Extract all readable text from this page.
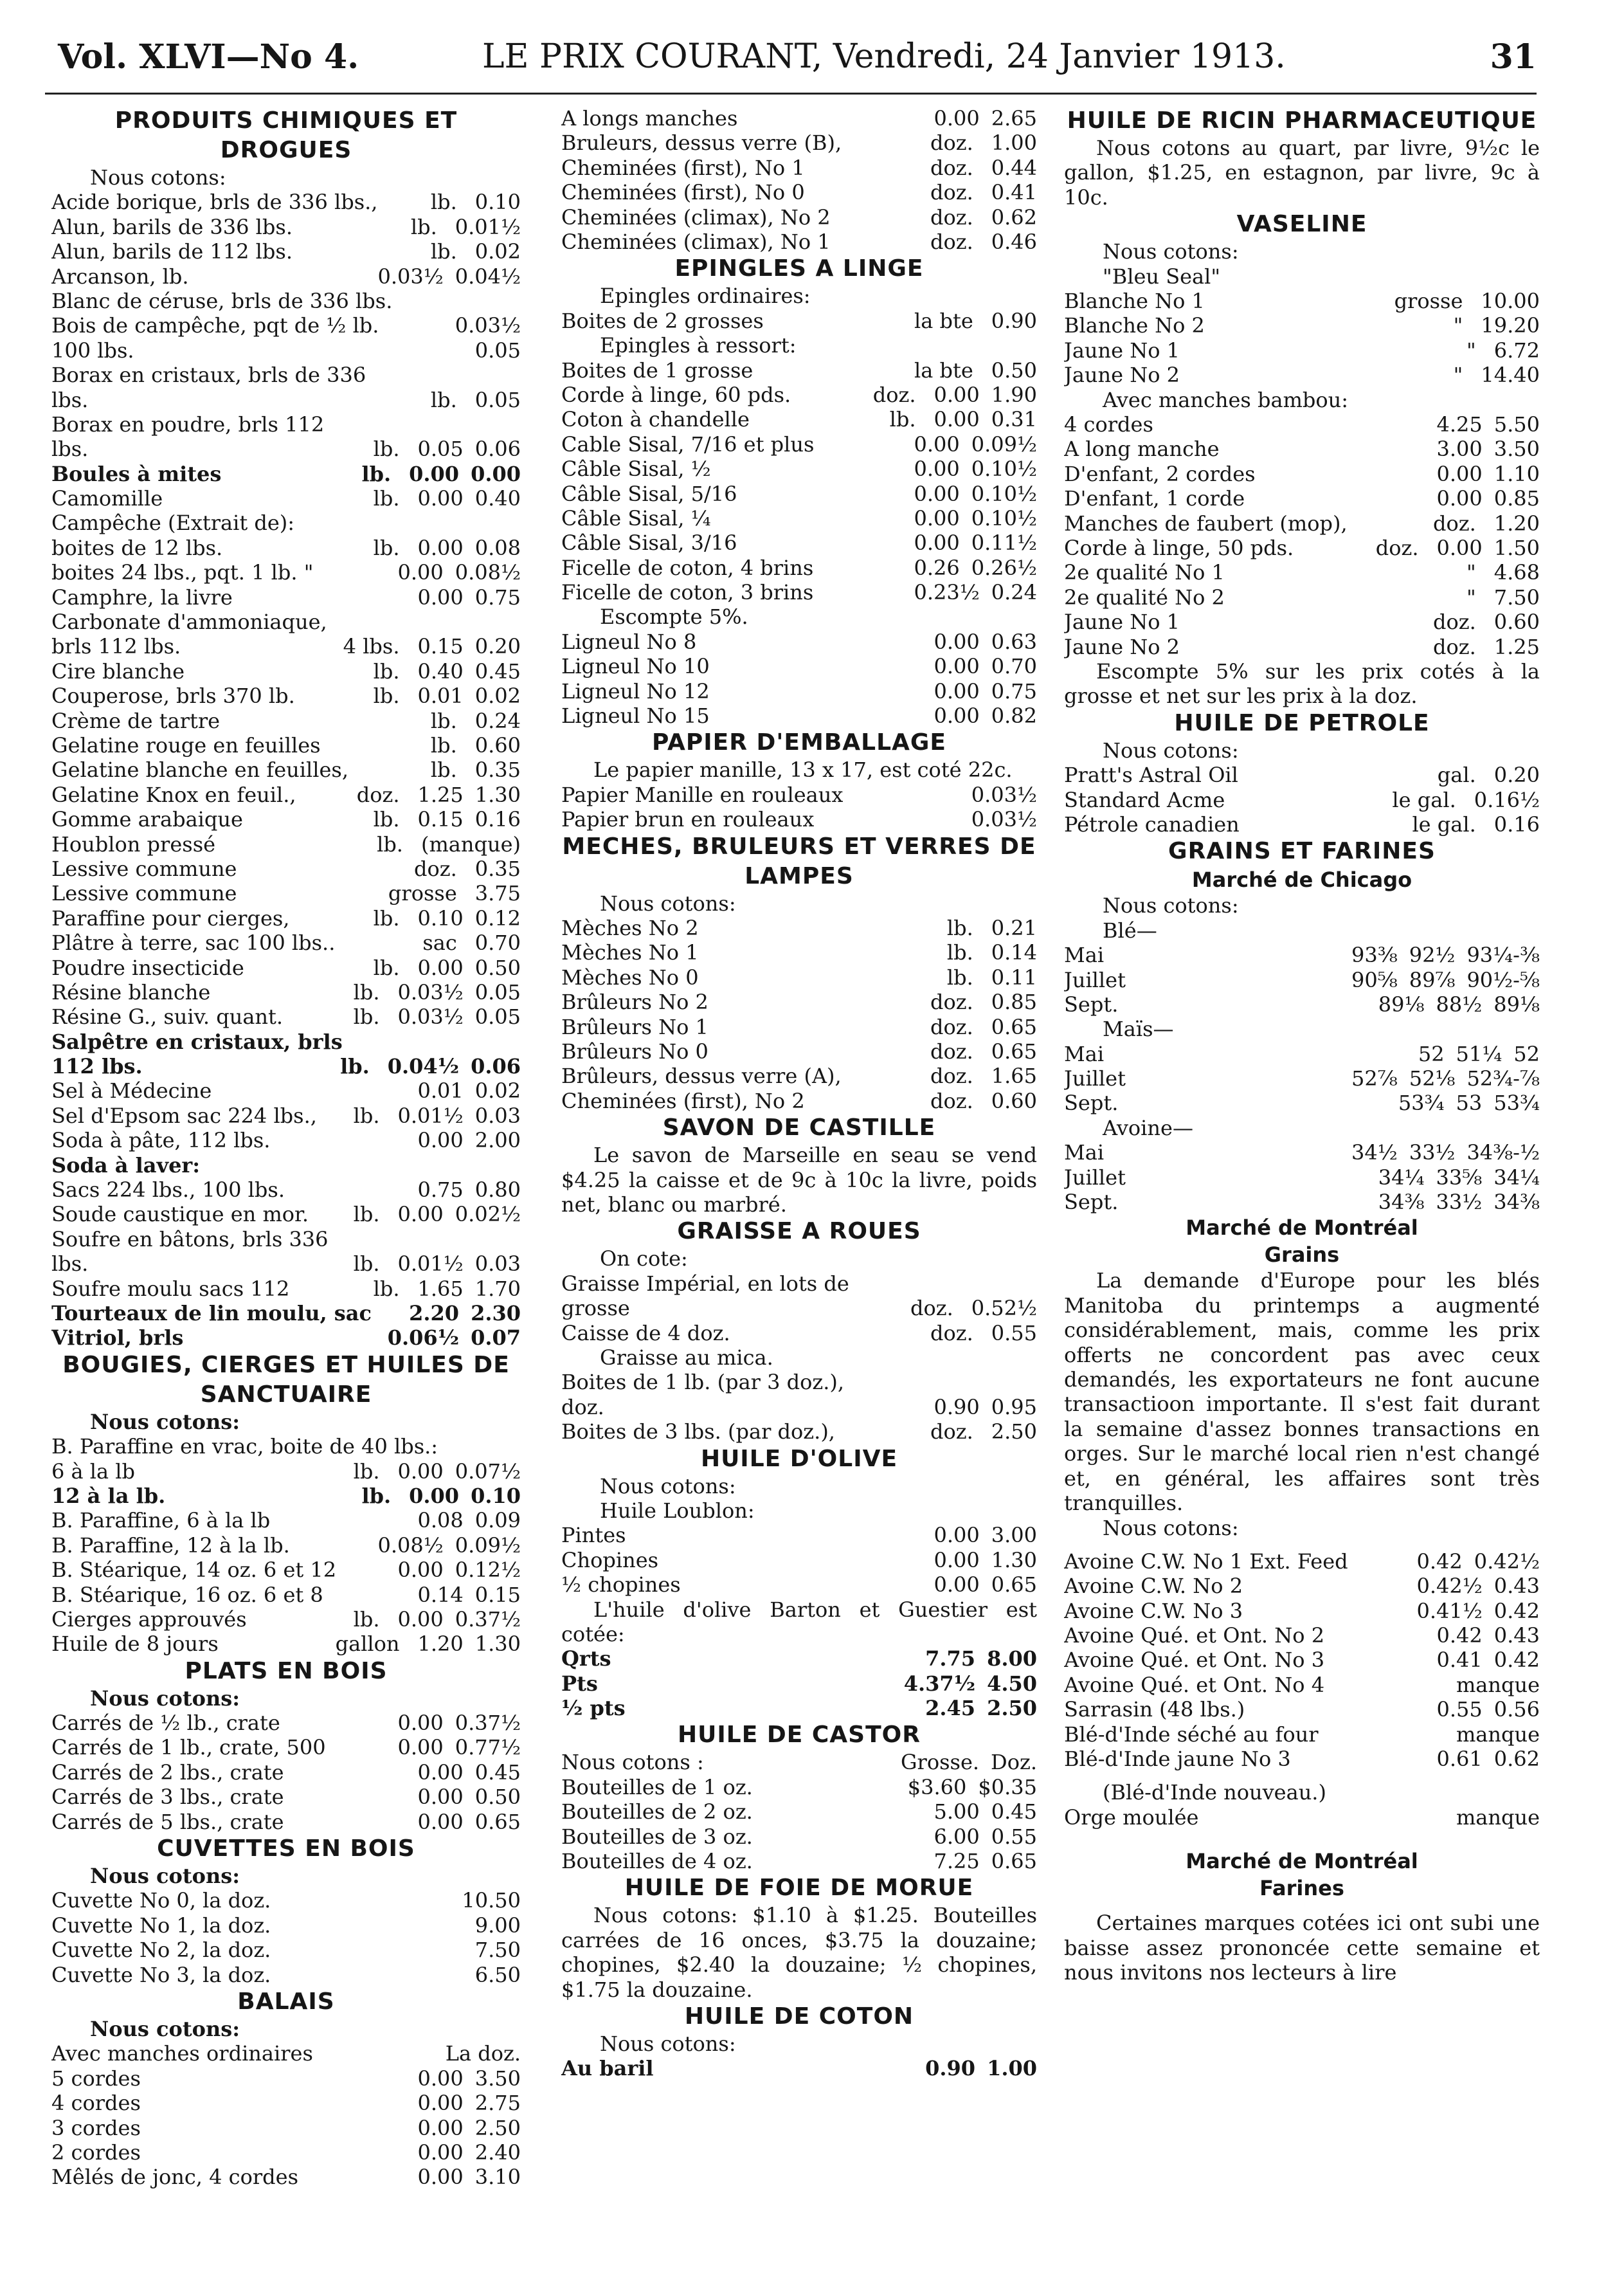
Vol. XLVI—No 4.	LE PRIX COURANT, Vendredi, 24 Janvier 1913.	31
PRODUITS CHIMIQUES ET DROGUES
Nous cotons:
Acide borique, brls de 336 lbs.,	lb. 0.10
Alun, barils de 336 lbs.	lb. 0.01½
Alun, barils de 112 lbs.	lb. 0.02
Arcanson, lb.	0.03½ 0.04½
Blanc de céruse, brls de 336 lbs.
Bois de campêche, pqt de ½ lb.	0.03½
100 lbs.	0.05
Borax en cristaux, brls de 336
lbs.	lb. 0.05
Borax en poudre, brls 112
lbs.	lb. 0.05 0.06
Boules à mites	lb. 0.00 0.00
Camomille	lb. 0.00 0.40
Campêche (Extrait de):
boites de 12 lbs.	lb. 0.00 0.08
boites 24 lbs., pqt. 1 lb. "	0.00 0.08½
Camphre, la livre	0.00 0.75
Carbonate d'ammoniaque,
brls 112 lbs.	4 lbs. 0.15 0.20
Cire blanche	lb. 0.40 0.45
Couperose, brls 370 lb.	lb. 0.01 0.02
Crème de tartre	lb. 0.24
Gelatine rouge en feuilles	lb. 0.60
Gelatine blanche en feuilles,	lb. 0.35
Gelatine Knox en feuil.,	doz. 1.25 1.30
Gomme arabaique	lb. 0.15 0.16
Houblon pressé	lb. (manque)
Lessive commune	doz. 0.35
Lessive commune	grosse 3.75
Paraffine pour cierges,	lb. 0.10 0.12
Plâtre à terre, sac 100 lbs..	sac 0.70
Poudre insecticide	lb. 0.00 0.50
Résine blanche	lb. 0.03½ 0.05
Résine G., suiv. quant.	lb. 0.03½ 0.05
Salpêtre en cristaux, brls
112 lbs.	lb. 0.04½ 0.06
Sel à Médecine	0.01 0.02
Sel d'Epsom sac 224 lbs.,	lb. 0.01½ 0.03
Soda à pâte, 112 lbs.	0.00 2.00
Soda à laver:
Sacs 224 lbs., 100 lbs.	0.75 0.80
Soude caustique en mor.	lb. 0.00 0.02½
Soufre en bâtons, brls 336
lbs.	lb. 0.01½ 0.03
Soufre moulu sacs 112	lb. 1.65 1.70
Tourteaux de lin moulu, sac	2.20 2.30
Vitriol, brls	0.06½ 0.07
BOUGIES, CIERGES ET HUILES DE SANCTUAIRE
Nous cotons:
B. Paraffine en vrac, boite de 40 lbs.:
6 à la lb	lb. 0.00 0.07½
12 à la lb.	lb. 0.00 0.10
B. Paraffine, 6 à la lb	0.08 0.09
B. Paraffine, 12 à la lb.	0.08½ 0.09½
B. Stéarique, 14 oz. 6 et 12	0.00 0.12½
B. Stéarique, 16 oz. 6 et 8	0.14 0.15
Cierges approuvés	lb. 0.00 0.37½
Huile de 8 jours	gallon 1.20 1.30
PLATS EN BOIS
Nous cotons:
Carrés de ½ lb., crate	0.00 0.37½
Carrés de 1 lb., crate, 500	0.00 0.77½
Carrés de 2 lbs., crate	0.00 0.45
Carrés de 3 lbs., crate	0.00 0.50
Carrés de 5 lbs., crate	0.00 0.65
CUVETTES EN BOIS
Nous cotons:
Cuvette No 0, la doz.	10.50
Cuvette No 1, la doz.	9.00
Cuvette No 2, la doz.	7.50
Cuvette No 3, la doz.	6.50
BALAIS
Nous cotons:
Avec manches ordinaires	La doz.
5 cordes	0.00 3.50
4 cordes	0.00 2.75
3 cordes	0.00 2.50
2 cordes	0.00 2.40
Mêlés de jonc, 4 cordes	0.00 3.10
A longs manches	0.00 2.65
Bruleurs, dessus verre (B),	doz. 1.00
Cheminées (first), No 1	doz. 0.44
Cheminées (first), No 0	doz. 0.41
Cheminées (climax), No 2	doz. 0.62
Cheminées (climax), No 1	doz. 0.46
EPINGLES A LINGE
Epingles ordinaires:
Boites de 2 grosses	la bte 0.90
Epingles à ressort:
Boites de 1 grosse	la bte 0.50
Corde à linge, 60 pds.	doz. 0.00 1.90
Coton à chandelle	lb. 0.00 0.31
Cable Sisal, 7/16 et plus	0.00 0.09½
Câble Sisal, ½	0.00 0.10½
Câble Sisal, 5/16	0.00 0.10½
Câble Sisal, ¼	0.00 0.10½
Câble Sisal, 3/16	0.00 0.11½
Ficelle de coton, 4 brins	0.26 0.26½
Ficelle de coton, 3 brins	0.23½ 0.24
Escompte 5%.
Ligneul No 8	0.00 0.63
Ligneul No 10	0.00 0.70
Ligneul No 12	0.00 0.75
Ligneul No 15	0.00 0.82
PAPIER D'EMBALLAGE
Le papier manille, 13 x 17, est coté 22c.
Papier Manille en rouleaux	0.03½
Papier brun en rouleaux	0.03½
MECHES, BRULEURS ET VERRES DE LAMPES
Nous cotons:
Mèches No 2	lb. 0.21
Mèches No 1	lb. 0.14
Mèches No 0	lb. 0.11
Brûleurs No 2	doz. 0.85
Brûleurs No 1	doz. 0.65
Brûleurs No 0	doz. 0.65
Brûleurs, dessus verre (A),	doz. 1.65
Cheminées (first), No 2	doz. 0.60
SAVON DE CASTILLE
Le savon de Marseille en seau se vend $4.25 la caisse et de 9c à 10c la livre, poids net, blanc ou marbré.
GRAISSE A ROUES
On cote:
Graisse Impérial, en lots de
grosse	doz. 0.52½
Caisse de 4 doz.	doz. 0.55
Graisse au mica.
Boites de 1 lb. (par 3 doz.),
doz.	0.90 0.95
Boites de 3 lbs. (par doz.),	doz. 2.50
HUILE D'OLIVE
Nous cotons:
Huile Loublon:
Pintes	0.00 3.00
Chopines	0.00 1.30
½ chopines	0.00 0.65
L'huile d'olive Barton et Guestier est cotée:
Qrts	7.75 8.00
Pts	4.37½ 4.50
½ pts	2.45 2.50
HUILE DE CASTOR
Nous cotons :	Grosse. Doz.
Bouteilles de 1 oz.	$3.60 $0.35
Bouteilles de 2 oz.	5.00 0.45
Bouteilles de 3 oz.	6.00 0.55
Bouteilles de 4 oz.	7.25 0.65
HUILE DE FOIE DE MORUE
Nous cotons: $1.10 à $1.25. Bouteilles carrées de 16 onces, $3.75 la douzaine; chopines, $2.40 la douzaine; ½ chopines, $1.75 la douzaine.
HUILE DE COTON
Nous cotons:
Au baril	0.90 1.00
HUILE DE RICIN PHARMACEUTIQUE
Nous cotons au quart, par livre, 9½c le gallon, $1.25, en estagnon, par livre, 9c à 10c.
VASELINE
Nous cotons:
"Bleu Seal"
Blanche No 1	grosse 10.00
Blanche No 2	" 19.20
Jaune No 1	" 6.72
Jaune No 2	" 14.40
Avec manches bambou:
4 cordes	4.25 5.50
A long manche	3.00 3.50
D'enfant, 2 cordes	0.00 1.10
D'enfant, 1 corde	0.00 0.85
Manches de faubert (mop),	doz. 1.20
Corde à linge, 50 pds.	doz. 0.00 1.50
2e qualité No 1	" 4.68
2e qualité No 2	" 7.50
Jaune No 1	doz. 0.60
Jaune No 2	doz. 1.25
Escompte 5% sur les prix cotés à la grosse et net sur les prix à la doz.
HUILE DE PETROLE
Nous cotons:
Pratt's Astral Oil	gal. 0.20
Standard Acme	le gal. 0.16½
Pétrole canadien	le gal. 0.16
GRAINS ET FARINES
Marché de Chicago
Nous cotons:
Blé—
Mai	93⅜ 92½ 93¼-⅜
Juillet	90⅝ 89⅞ 90½-⅝
Sept.	89⅛ 88½ 89⅛
Maïs—
Mai	52 51¼ 52
Juillet	52⅞ 52⅛ 52¾-⅞
Sept.	53¾ 53 53¾
Avoine—
Mai	34½ 33½ 34⅜-½
Juillet	34¼ 33⅝ 34¼
Sept.	34⅜ 33½ 34⅜
Marché de Montréal
Grains
La demande d'Europe pour les blés Manitoba du printemps a augmenté considérablement, mais, comme les prix offerts ne concordent pas avec ceux demandés, les exportateurs ne font aucune transactioon importante. Il s'est fait durant la semaine d'assez bonnes transactions en orges. Sur le marché local rien n'est changé et, en général, les affaires sont très tranquilles.
Nous cotons:
Avoine C.W. No 1 Ext. Feed	0.42 0.42½
Avoine C.W. No 2	0.42½ 0.43
Avoine C.W. No 3	0.41½ 0.42
Avoine Qué. et Ont. No 2	0.42 0.43
Avoine Qué. et Ont. No 3	0.41 0.42
Avoine Qué. et Ont. No 4	manque
Sarrasin (48 lbs.)	0.55 0.56
Blé-d'Inde séché au four	manque
Blé-d'Inde jaune No 3	0.61 0.62
(Blé-d'Inde nouveau.)
Orge moulée	manque
Marché de Montréal
Farines
Certaines marques cotées ici ont subi une baisse assez prononcée cette semaine et nous invitons nos lecteurs à lire
